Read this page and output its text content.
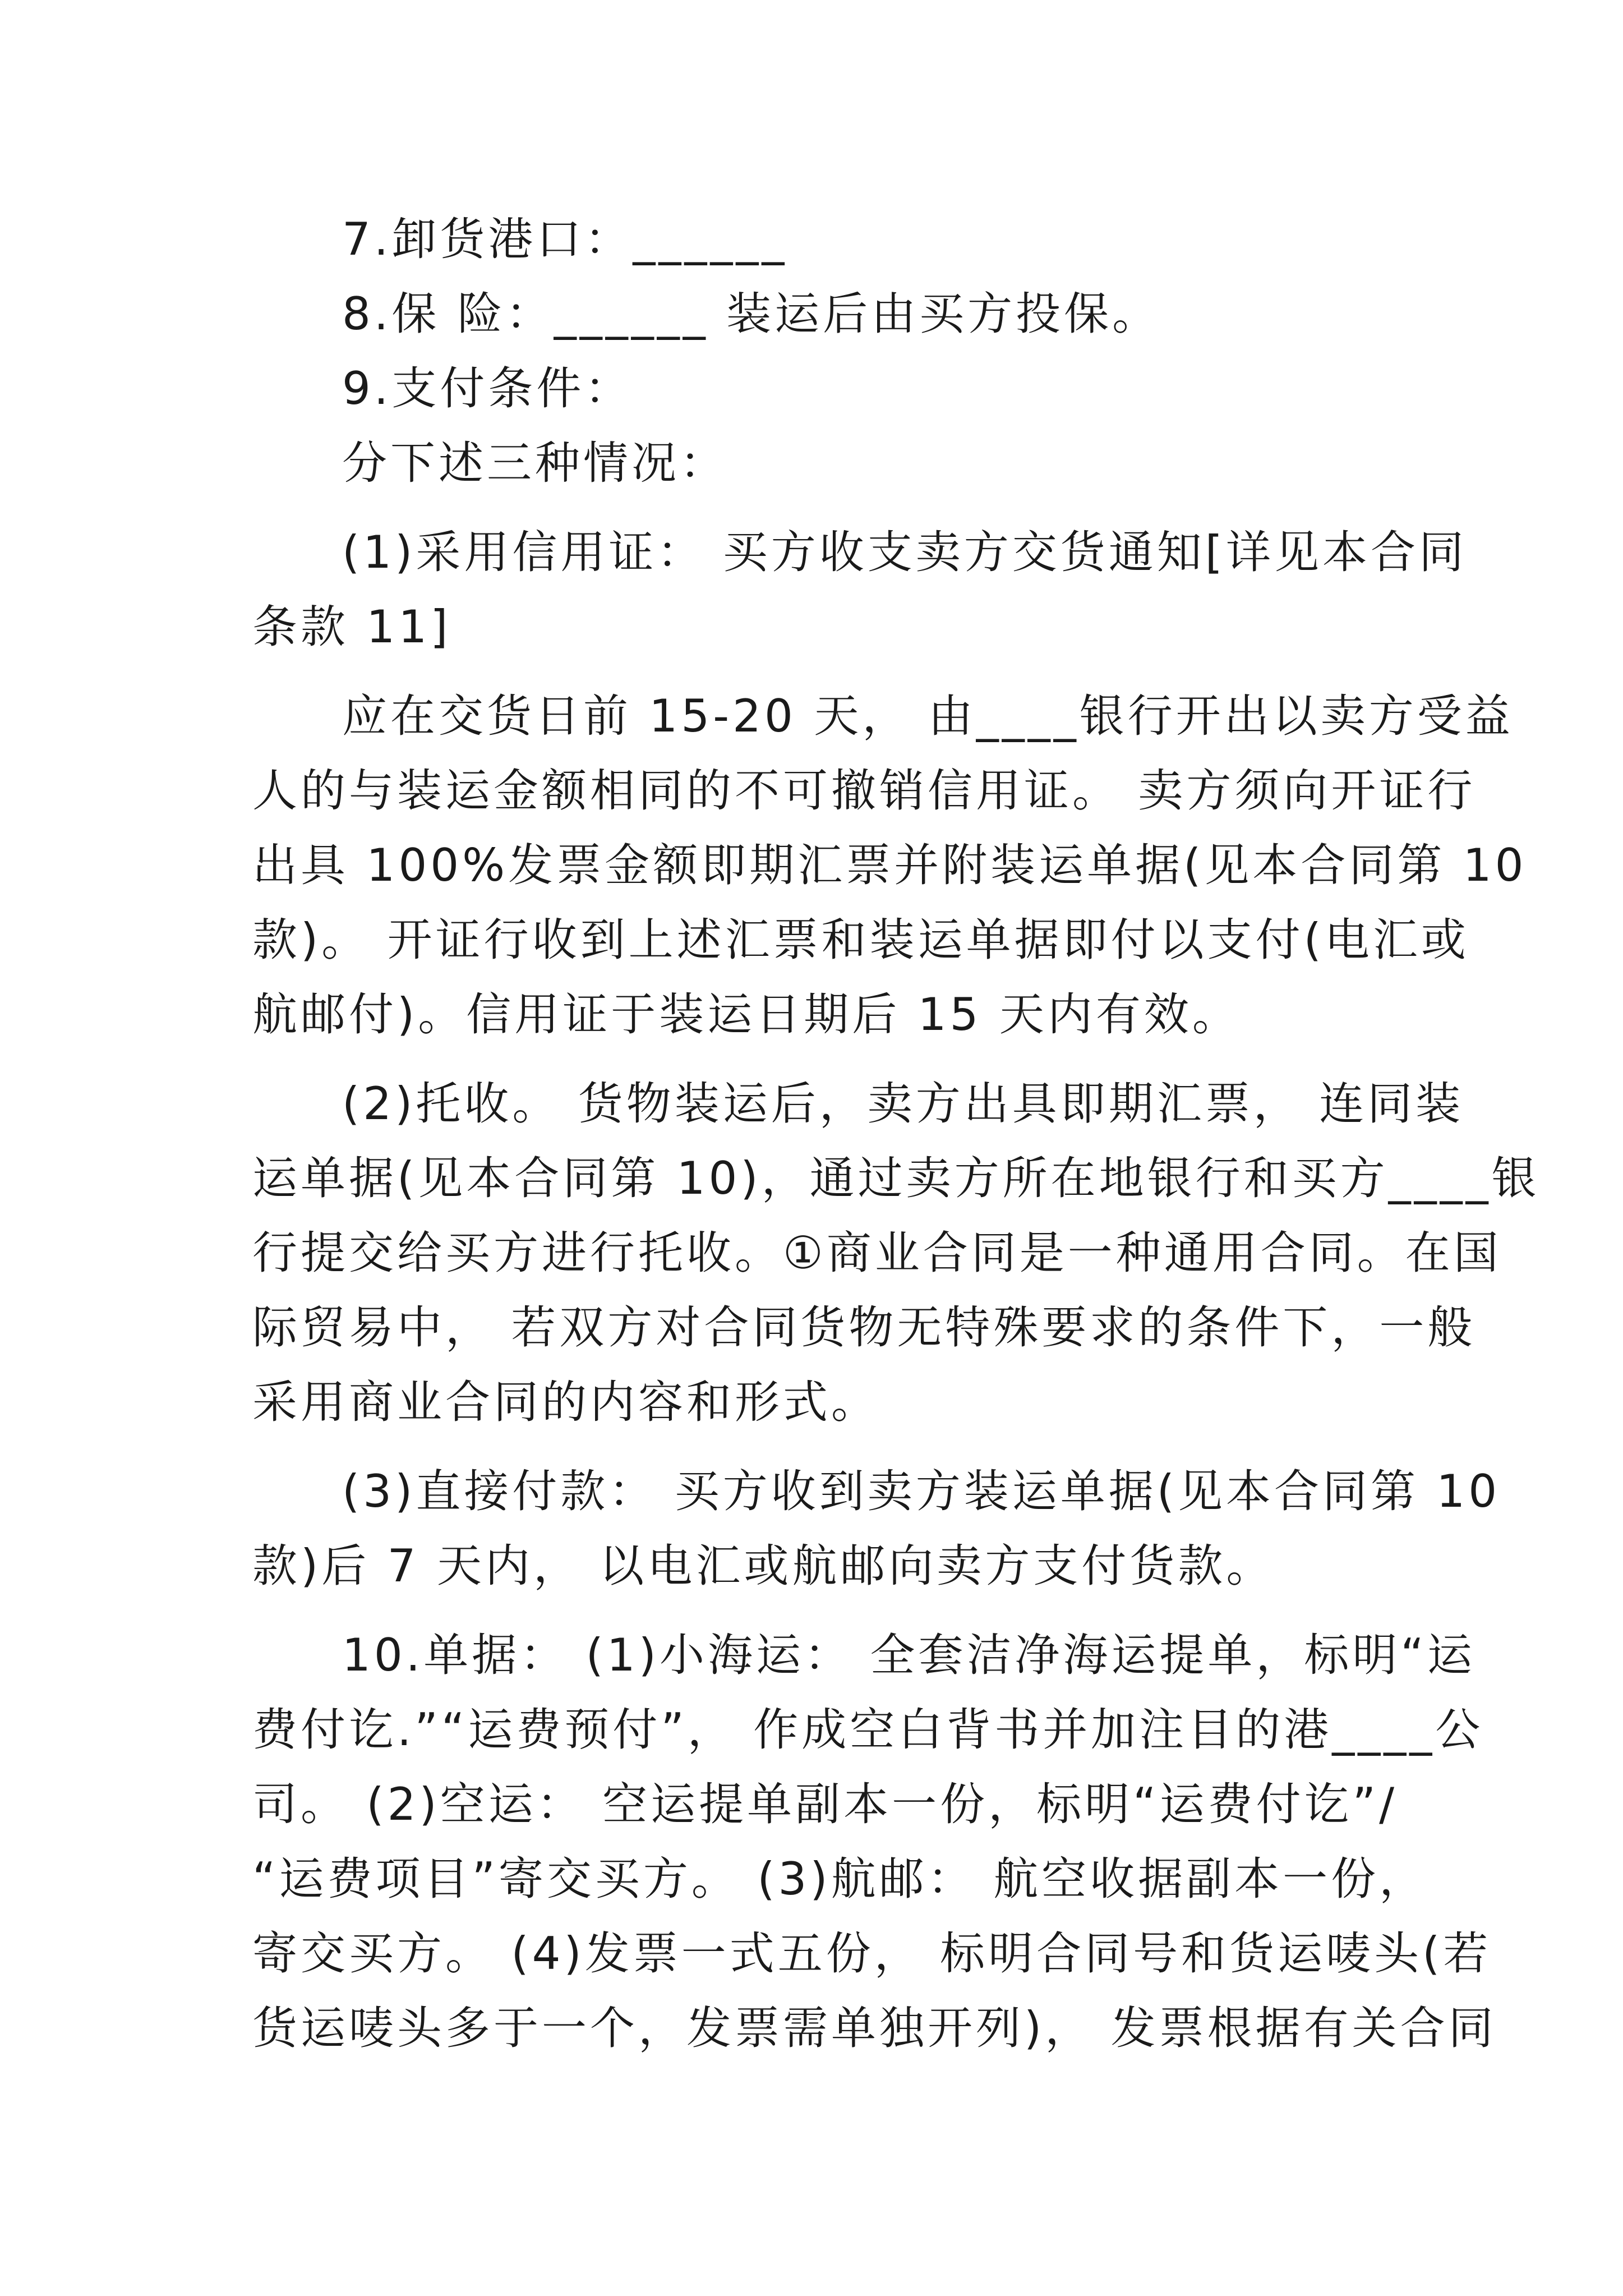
7.卸货港口：______
8.保 险：______ 装运后由买方投保。
9.支付条件：
分下述三种情况：
(1)采用信用证： 买方收支卖方交货通知[详见本合同
条款 11]
应在交货日前 15-20 天， 由____银行开出以卖方受益
人的与装运金额相同的不可撤销信用证。 卖方须向开证行
出具 100%发票金额即期汇票并附装运单据(见本合同第 10
款)。 开证行收到上述汇票和装运单据即付以支付(电汇或
航邮付)。信用证于装运日期后 15 天内有效。
(2)托收。 货物装运后，卖方出具即期汇票， 连同装
运单据(见本合同第 10)，通过卖方所在地银行和买方____银
行提交给买方进行托收。①商业合同是一种通用合同。在国
际贸易中， 若双方对合同货物无特殊要求的条件下，一般
采用商业合同的内容和形式。
(3)直接付款： 买方收到卖方装运单据(见本合同第 10
款)后 7 天内， 以电汇或航邮向卖方支付货款。
10.单据： (1)小海运： 全套洁净海运提单，标明“运
费付讫.”“运费预付”， 作成空白背书并加注目的港____公
司。 (2)空运： 空运提单副本一份，标明“运费付讫”/
“运费项目”寄交买方。 (3)航邮： 航空收据副本一份，
寄交买方。 (4)发票一式五份， 标明合同号和货运唛头(若
货运唛头多于一个，发票需单独开列)， 发票根据有关合同
